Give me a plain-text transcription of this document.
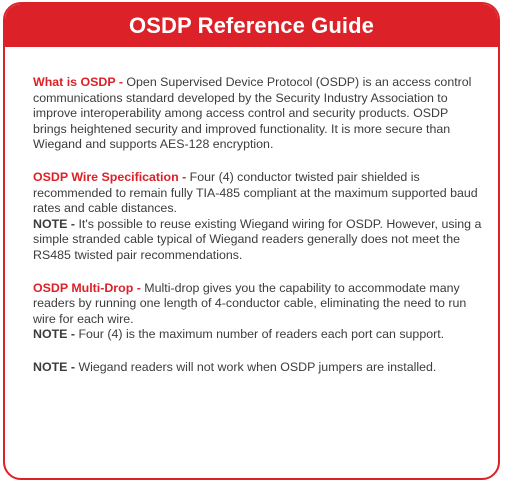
OSDP Reference Guide

What is OSDP - Open Supervised Device Protocol (OSDP) is an access control communications standard developed by the Security Industry Association to improve interoperability among access control and security products. OSDP brings heightened security and improved functionality. It is more secure than Wiegand and supports AES-128 encryption.

OSDP Wire Specification - Four (4) conductor twisted pair shielded is recommended to remain fully TIA-485 compliant at the maximum supported baud rates and cable distances.
NOTE - It's possible to reuse existing Wiegand wiring for OSDP. However, using a simple stranded cable typical of Wiegand readers generally does not meet the RS485 twisted pair recommendations.

OSDP Multi-Drop - Multi-drop gives you the capability to accommodate many readers by running one length of 4-conductor cable, eliminating the need to run wire for each wire.
NOTE - Four (4) is the maximum number of readers each port can support.

NOTE - Wiegand readers will not work when OSDP jumpers are installed.
